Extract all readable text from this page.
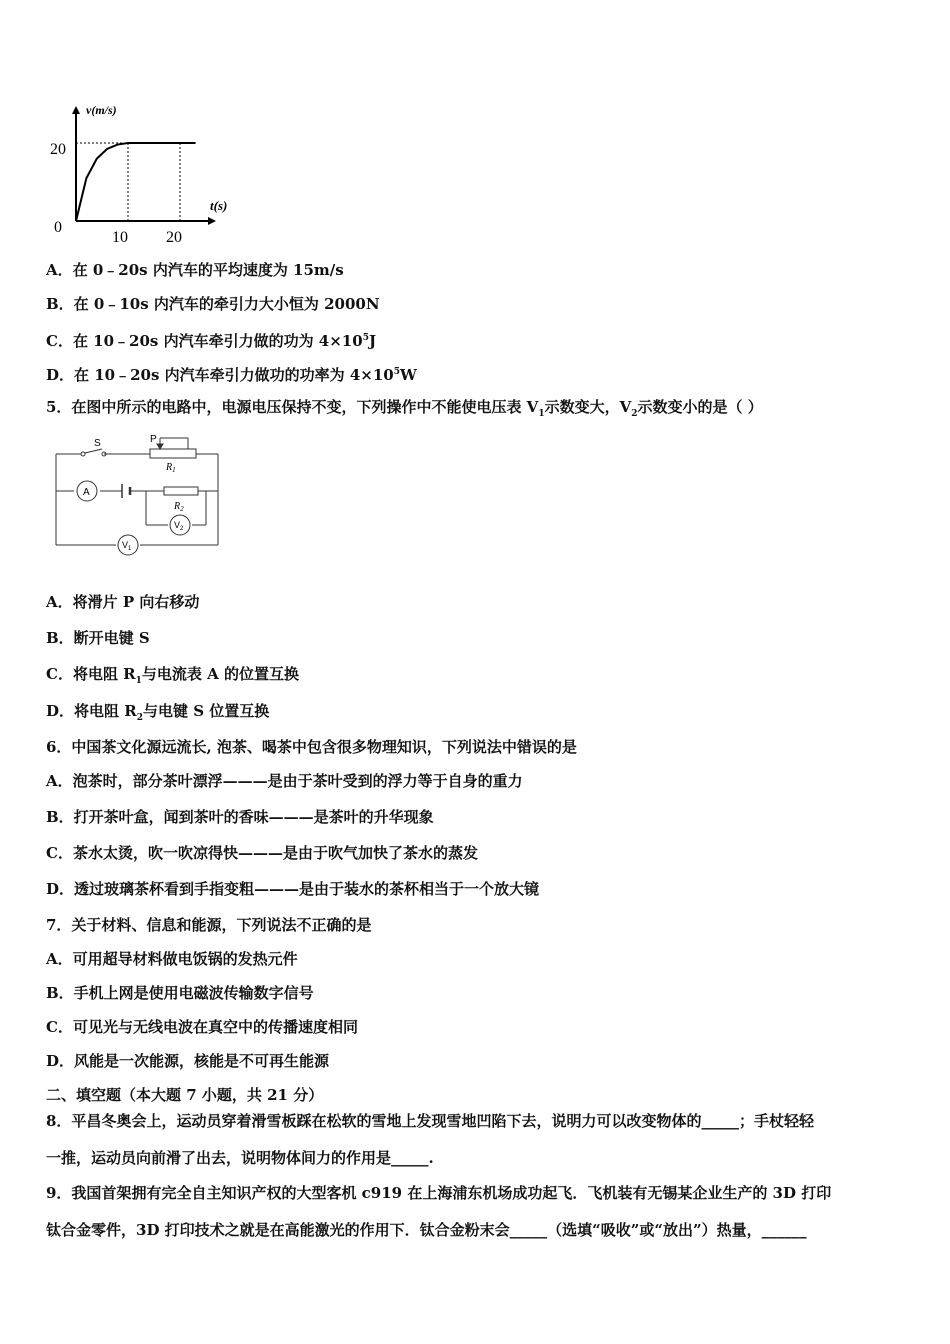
v(m/s)
t(s)
20
0
10 20
A．在 0﹣20s 内汽车的平均速度为 15m/s
B．在 0﹣10s 内汽车的牵引力大小恒为 2000N
C．在 10﹣20s 内汽车牵引力做的功为 $4\times 10^5J$
D．在 10﹣20s 内汽车牵引力做功的功率为 $4\times 10^5W$
5．在图中所示的电路中，电源电压保持不变，下列操作中不能使电压表 $V_1$示数变大，$V_2$示数变小的是（ ）
S	P
$R_1$
A
$R_2$
$V_2$
$V_1$
A．将滑片 P 向右移动
B．断开电键 S
C．将电阻 $R_1$与电流表 A 的位置互换
D．将电阻 $R_2$与电键 S 位置互换
6．中国茶文化源远流长, 泡茶、喝茶中包含很多物理知识，下列说法中错误的是
A．泡茶时，部分茶叶漂浮———是由于茶叶受到的浮力等于自身的重力
B．打开茶叶盒，闻到茶叶的香味———是茶叶的升华现象
C．茶水太烫，吹一吹凉得快———是由于吹气加快了茶水的蒸发
D．透过玻璃茶杯看到手指变粗———是由于装水的茶杯相当于一个放大镜
7．关于材料、信息和能源，下列说法不正确的是
A．可用超导材料做电饭锅的发热元件
B．手机上网是使用电磁波传输数字信号
C．可见光与无线电波在真空中的传播速度相同
D．风能是一次能源，核能是不可再生能源
二、填空题（本大题 7 小题，共 21 分）
8．平昌冬奥会上，运动员穿着滑雪板踩在松软的雪地上发现雪地凹陷下去，说明力可以改变物体的_____；手杖轻轻
一推，运动员向前滑了出去，说明物体间力的作用是_____.
9．我国首架拥有完全自主知识产权的大型客机 c919 在上海浦东机场成功起飞．飞机装有无锡某企业生产的 3D 打印
钛合金零件，3D 打印技术之就是在高能激光的作用下．钛合金粉末会_____（选填“吸收”或“放出”）热量，______
